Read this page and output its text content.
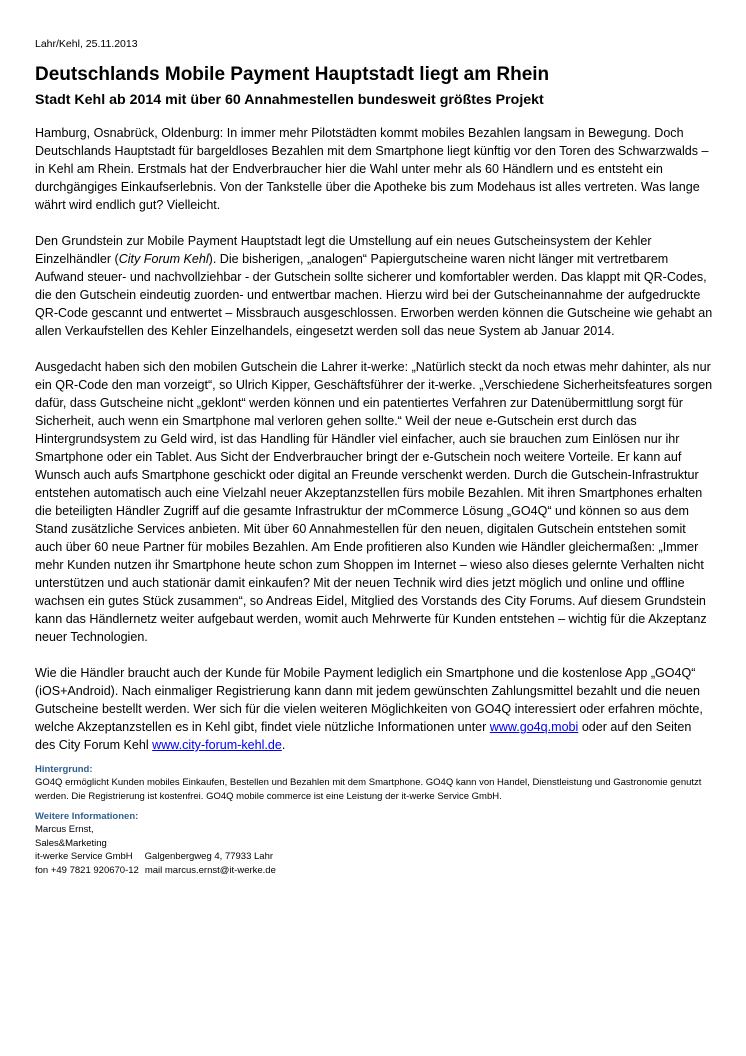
Lahr/Kehl, 25.11.2013
Deutschlands Mobile Payment Hauptstadt liegt am Rhein
Stadt Kehl ab 2014 mit über 60 Annahmestellen bundesweit größtes Projekt

Hamburg, Osnabrück, Oldenburg: In immer mehr Pilotstädten kommt mobiles Bezahlen langsam in Bewegung. Doch Deutschlands Hauptstadt für bargeldloses Bezahlen mit dem Smartphone liegt künftig vor den Toren des Schwarzwalds – in Kehl am Rhein. Erstmals hat der Endverbraucher hier die Wahl unter mehr als 60 Händlern und es entsteht ein durchgängiges Einkaufserlebnis. Von der Tankstelle über die Apotheke bis zum Modehaus ist alles vertreten. Was lange währt wird endlich gut? Vielleicht.

Den Grundstein zur Mobile Payment Hauptstadt legt die Umstellung auf ein neues Gutscheinsystem der Kehler Einzelhändler (City Forum Kehl). Die bisherigen, „analogen“ Papiergutscheine waren nicht länger mit vertretbarem Aufwand steuer- und nachvollziehbar - der Gutschein sollte sicherer und komfortabler werden. Das klappt mit QR-Codes, die den Gutschein eindeutig zuorden- und entwertbar machen. Hierzu wird bei der Gutscheinannahme der aufgedruckte QR-Code gescannt und entwertet – Missbrauch ausgeschlossen. Erworben werden können die Gutscheine wie gehabt an allen Verkaufstellen des Kehler Einzelhandels, eingesetzt werden soll das neue System ab Januar 2014.

Ausgedacht haben sich den mobilen Gutschein die Lahrer it-werke: „Natürlich steckt da noch etwas mehr dahinter, als nur ein QR-Code den man vorzeigt“, so Ulrich Kipper, Geschäftsführer der it-werke. „Verschiedene Sicherheitsfeatures sorgen dafür, dass Gutscheine nicht „geklont“ werden können und ein patentiertes Verfahren zur Datenübermittlung sorgt für Sicherheit, auch wenn ein Smartphone mal verloren gehen sollte.“ Weil der neue e-Gutschein erst durch das Hintergrundsystem zu Geld wird, ist das Handling für Händler viel einfacher, auch sie brauchen zum Einlösen nur ihr Smartphone oder ein Tablet. Aus Sicht der Endverbraucher bringt der e-Gutschein noch weitere Vorteile. Er kann auf Wunsch auch aufs Smartphone geschickt oder digital an Freunde verschenkt werden. Durch die Gutschein-Infrastruktur entstehen automatisch auch eine Vielzahl neuer Akzeptanzstellen fürs mobile Bezahlen. Mit ihren Smartphones erhalten die beteiligten Händler Zugriff auf die gesamte Infrastruktur der mCommerce Lösung „GO4Q“ und können so aus dem Stand zusätzliche Services anbieten. Mit über 60 Annahmestellen für den neuen, digitalen Gutschein entstehen somit auch über 60 neue Partner für mobiles Bezahlen. Am Ende profitieren also Kunden wie Händler gleichermaßen: „Immer mehr Kunden nutzen ihr Smartphone heute schon zum Shoppen im Internet – wieso also dieses gelernte Verhalten nicht unterstützen und auch stationär damit einkaufen? Mit der neuen Technik wird dies jetzt möglich und online und offline wachsen ein gutes Stück zusammen“, so Andreas Eidel, Mitglied des Vorstands des City Forums. Auf diesem Grundstein kann das Händlernetz weiter aufgebaut werden, womit auch Mehrwerte für Kunden entstehen – wichtig für die Akzeptanz neuer Technologien.

Wie die Händler braucht auch der Kunde für Mobile Payment lediglich ein Smartphone und die kostenlose App „GO4Q“ (iOS+Android). Nach einmaliger Registrierung kann dann mit jedem gewünschten Zahlungsmittel bezahlt und die neuen Gutscheine bestellt werden. Wer sich für die vielen weiteren Möglichkeiten von GO4Q interessiert oder erfahren möchte, welche Akzeptanzstellen es in Kehl gibt, findet viele nützliche Informationen unter www.go4q.mobi oder auf den Seiten des City Forum Kehl www.city-forum-kehl.de.

Hintergrund:
GO4Q ermöglicht Kunden mobiles Einkaufen, Bestellen und Bezahlen mit dem Smartphone. GO4Q kann von Handel, Dienstleistung und Gastronomie genutzt werden. Die Registrierung ist kostenfrei. GO4Q mobile commerce ist eine Leistung der it-werke Service GmbH.
Weitere Informationen:
Marcus Ernst,
Sales&Marketing
it-werke Service GmbH Galgenbergweg 4, 77933 Lahr
fon +49 7821 920670-12 mail marcus.ernst@it-werke.de
